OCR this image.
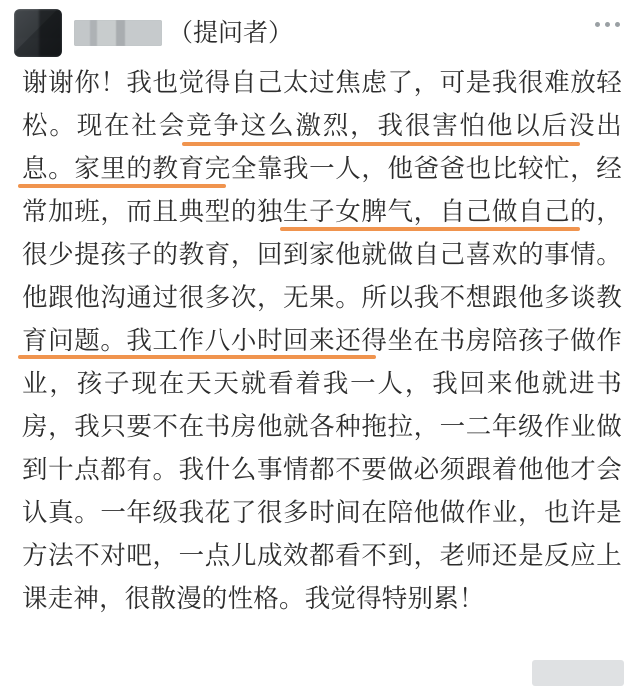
（提问者）

谢谢你！我也觉得自己太过焦虑了，可是我很难放轻松。现在社会竞争这么激烈，我很害怕他以后没出息。家里的教育完全靠我一人，他爸爸也比较忙，经常加班，而且典型的独生子女脾气，自己做自己的，很少提孩子的教育，回到家他就做自己喜欢的事情。他跟他沟通过很多次，无果。所以我不想跟他多谈教育问题。我工作八小时回来还得坐在书房陪孩子做作业，孩子现在天天就看着我一人，我回来他就进书房，我只要不在书房他就各种拖拉，一二年级作业做到十点都有。我什么事情都不要做必须跟着他他才会认真。一年级我花了很多时间在陪他做作业，也许是方法不对吧，一点儿成效都看不到，老师还是反应上课走神，很散漫的性格。我觉得特别累！
